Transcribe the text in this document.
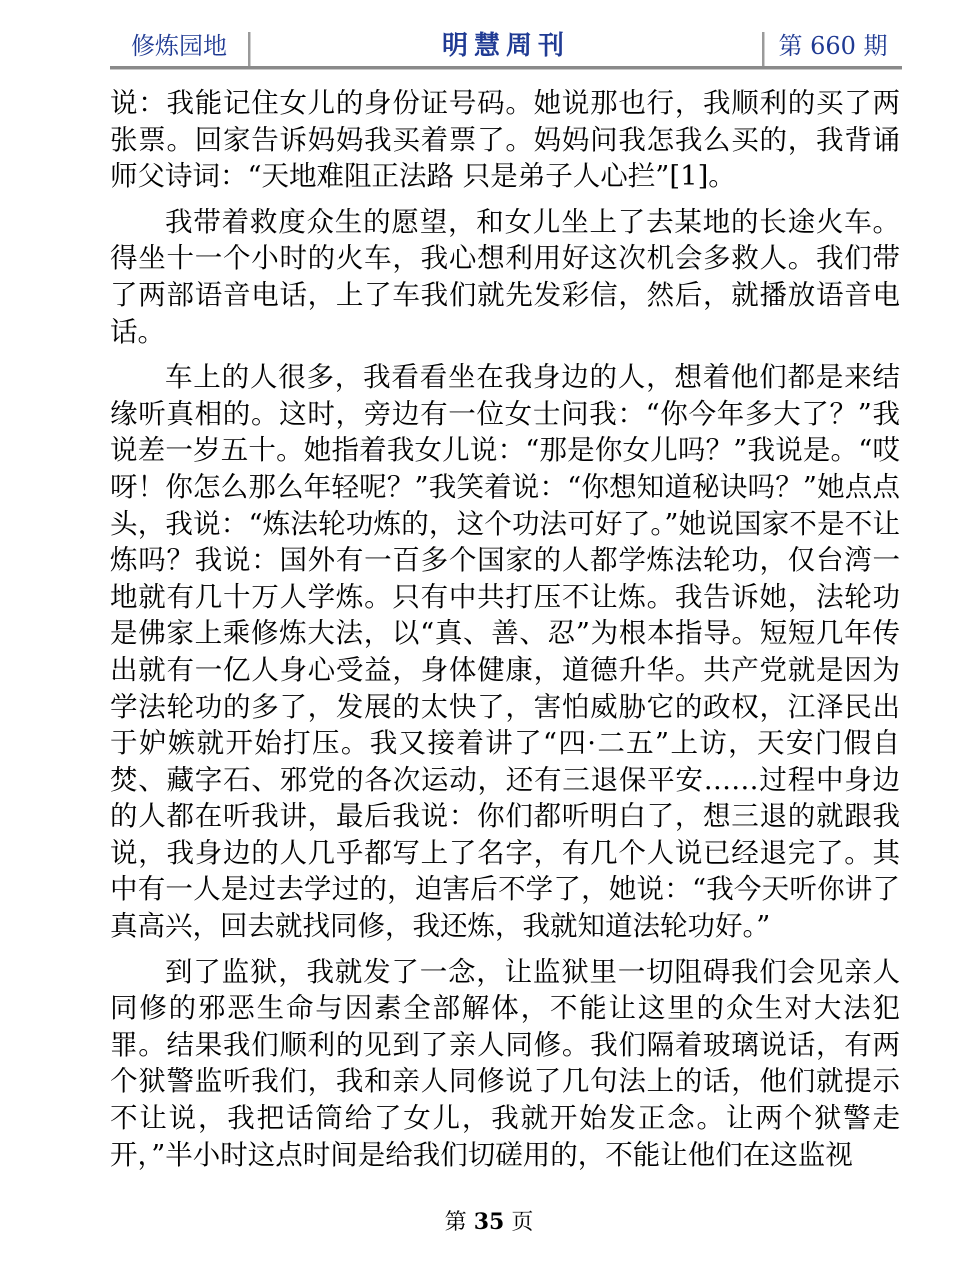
修炼园地	明慧周刊	第 660 期

说：我能记住女儿的身份证号码。她说那也行，我顺利的买了两张票。回家告诉妈妈我买着票了。妈妈问我怎我么买的，我背诵师父诗词：“天地难阻正法路 只是弟子人心拦”[1]。

我带着救度众生的愿望，和女儿坐上了去某地的长途火车。得坐十一个小时的火车，我心想利用好这次机会多救人。我们带了两部语音电话，上了车我们就先发彩信，然后，就播放语音电话。

车上的人很多，我看看坐在我身边的人，想着他们都是来结缘听真相的。这时，旁边有一位女士问我：“你今年多大了？”我说差一岁五十。她指着我女儿说：“那是你女儿吗？”我说是。“哎呀！你怎么那么年轻呢？”我笑着说：“你想知道秘诀吗？”她点点头，我说：“炼法轮功炼的，这个功法可好了。”她说国家不是不让炼吗？我说：国外有一百多个国家的人都学炼法轮功，仅台湾一地就有几十万人学炼。只有中共打压不让炼。我告诉她，法轮功是佛家上乘修炼大法，以“真、善、忍”为根本指导。短短几年传出就有一亿人身心受益，身体健康，道德升华。共产党就是因为学法轮功的多了，发展的太快了，害怕威胁它的政权，江泽民出于妒嫉就开始打压。我又接着讲了“四·二五”上访，天安门假自焚、藏字石、邪党的各次运动，还有三退保平安……过程中身边的人都在听我讲，最后我说：你们都听明白了，想三退的就跟我说，我身边的人几乎都写上了名字，有几个人说已经退完了。其中有一人是过去学过的，迫害后不学了，她说：“我今天听你讲了真高兴，回去就找同修，我还炼，我就知道法轮功好。”

到了监狱，我就发了一念，让监狱里一切阻碍我们会见亲人同修的邪恶生命与因素全部解体，不能让这里的众生对大法犯罪。结果我们顺利的见到了亲人同修。我们隔着玻璃说话，有两个狱警监听我们，我和亲人同修说了几句法上的话，他们就提示不让说，我把话筒给了女儿，我就开始发正念。让两个狱警走开，”半小时这点时间是给我们切磋用的，不能让他们在这监视

第 35 页
